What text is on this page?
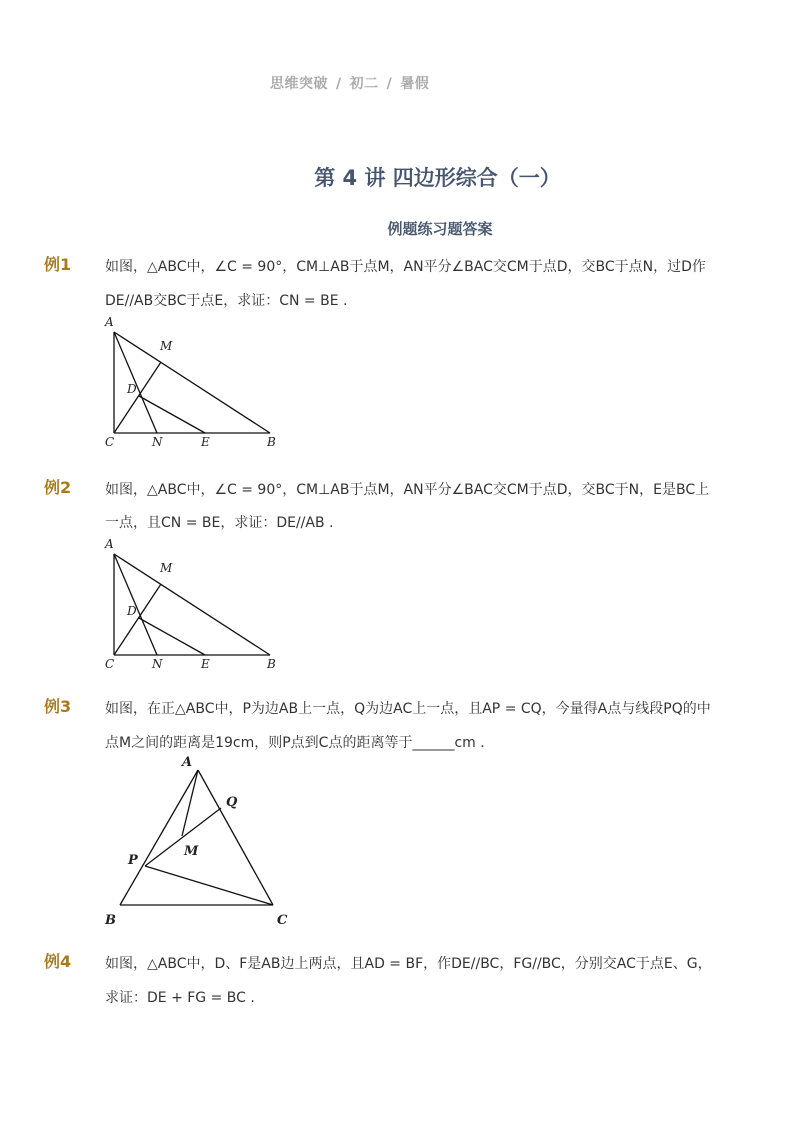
思维突破 / 初二 / 暑假
第 4 讲 四边形综合（一）
例题练习题答案
例1 如图，△ABC中，∠C = 90°，CM⊥AB于点M，AN平分∠BAC交CM于点D，交BC于点N，过D作
DE//AB交BC于点E，求证：CN = BE .
A
M
D
C	N	E	B
例2 如图，△ABC中，∠C = 90°，CM⊥AB于点M，AN平分∠BAC交CM于点D，交BC于N，E是BC上
一点，且CN = BE，求证：DE//AB .
A
M
D
C	N	E	B
例3 如图，在正△ABC中，P为边AB上一点，Q为边AC上一点，且AP = CQ，今量得A点与线段PQ的中
点M之间的距离是19cm，则P点到C点的距离等于______cm .
A
Q
P
M
B	C
例4 如图，△ABC中，D、F是AB边上两点，且AD = BF，作DE//BC，FG//BC，分别交AC于点E、G，
求证：DE + FG = BC .
